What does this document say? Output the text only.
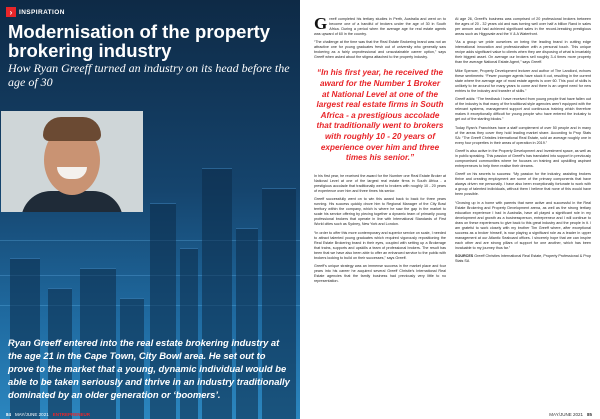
›	INSPIRATION
Modernisation of the property brokering industry
How Ryan Greeff turned an industry on its head before the age of 30
Ryan Greeff entered into the real estate brokering industry at the age 21 in the Cape Town, City Bowl area. He set out to prove to the market that a young, dynamic individual would be able to be taken seriously and thrive in an industry traditionally dominated by an older generation or ‘boomers’.
84 MAY/JUNE 2021 ENTREPRENEUR

Greeff completed his tertiary studies in Perth, Australia and went on to become one of a handful of brokers under the age of 30 in South Africa. During a period when the average age for real estate agents was upward of 60 in the country.

“The challenge at the time was that the Real Estate Brokering brand was not an attractive one for young graduates fresh out of university who generally saw brokering as a fairly unprofessional and unsustainable career option,” says Greeff when asked about the stigma attached to the property industry.

“In his first year, he received the award for the Number 1 Broker at National Level at one of the largest real estate firms in South Africa - a prestigious accolade that traditionally went to brokers with roughly 10 - 20 years of experience over him and three times his senior.”

In his first year, he received the award for the Number one Real Estate Broker at National Level at one of the largest real estate firms in South Africa - a prestigious accolade that traditionally went to brokers with roughly 10 - 20 years of experience over him and three times his senior.

Greeff successfully went on to win this award back to back for three years running. His success quickly drove him to Regional Manager of the City Bowl territory within the company, which is where he saw the gap in the market to scale his service offering by piecing together a dynamic team of primarily young professional brokers that operate in line with International Standards of First World cities such as Sydney, New York and London.

“In order to offer this more contemporary and superior service on scale, I needed to attract talented young graduates which required vigorously repositioning the Real Estate Brokering brand in their eyes, coupled with setting up a Brokerage that trains, supports and upskills a team of professional brokers. The result has been that we have also been able to offer an enhanced service to the public with brokers looking to build on their successes,” says Greeff.

Greeff’s unique strategy was an immense success in the market place and four years into his career he acquired several Greeff Christie’s International Real Estate agencies that the family business had previously very little to no representation.

At age 26, Greeff’s business was comprised of 20 professional brokers between the ages of 20 - 32 years old and was turning well over half a billion Rand in sales per annum and had achieved significant sales in the record-breaking prestigious areas such as Higgovale and the V & A Waterfront.

“As a group we pride ourselves on being the leading brand in cutting edge international innovation and professionalism with a personal touch. This unique recipe adds significant value to clients when they are disposing of what is invariably their biggest asset. On average our brokers sell roughly 3-4 times more property than the average National Estate Agent,” says Greeff.

Mike Spencer, Property Development lecturer and author of The Landlord, echoes these sentiments: “Fewer younger agents have stuck it out, resulting in the current state where the average age of most estate agents is over 60. This pool of skills is unlikely to be around for many years to come and there is an urgent need for new entries to the industry and transfer of skills.”

Greeff adds: “The feedback I have received from young people that have fallen out of the industry is that many of the traditional style agencies aren’t equipped with the relevant systems, management support and continuous training which therefore makes it exceptionally difficult for young people who have entered the industry to get out of the starting blocks.”

Today Ryan’s Franchises have a staff complement of over 50 people and in many of the areas they cover they hold leading market share. According to Prop Stats SA: “The Greeff Christies International Real Estate, sold an average roughly one in every four properties in their areas of operation in 2019.”

Greeff is also active in the Property Development and Investment space, as well as in public speaking. This passion of Greeff’s has translated into support in previously compromised communities where he focuses on training and upskilling aspirant entrepreneurs to help them realise their dreams.

Greeff on his secrets to success: “My passion for the industry, assisting brokers thrive and creating employment are some of the primary components that have always driven me personally. I have also been exceptionally fortunate to work with a group of talented individuals, without them I believe that none of this would have been possible.

“Growing up in a home with parents that were active and successful in the Real Estate Brokering and Property Development arena, as well as the strong tertiary education experience I had in Australia, have all played a significant role in my development and growth as a businessperson, entrepreneur and I will continue to draw on these experiences to give back to this great industry and the people in it. I am grateful to work closely with my brother Tim Greeff where, after exceptional success as a broker himself, is now playing a significant role as a leader in upper management at our Atlantic Seaboard offices. I sincerely hope that we can inspire each other and are strong pillars of support for one another, which has been invaluable to my journey thus far.”

SOURCES Greeff Christies International Real Estate, Property Professional & Prop Stats SA

MAY/JUNE 2021 85
